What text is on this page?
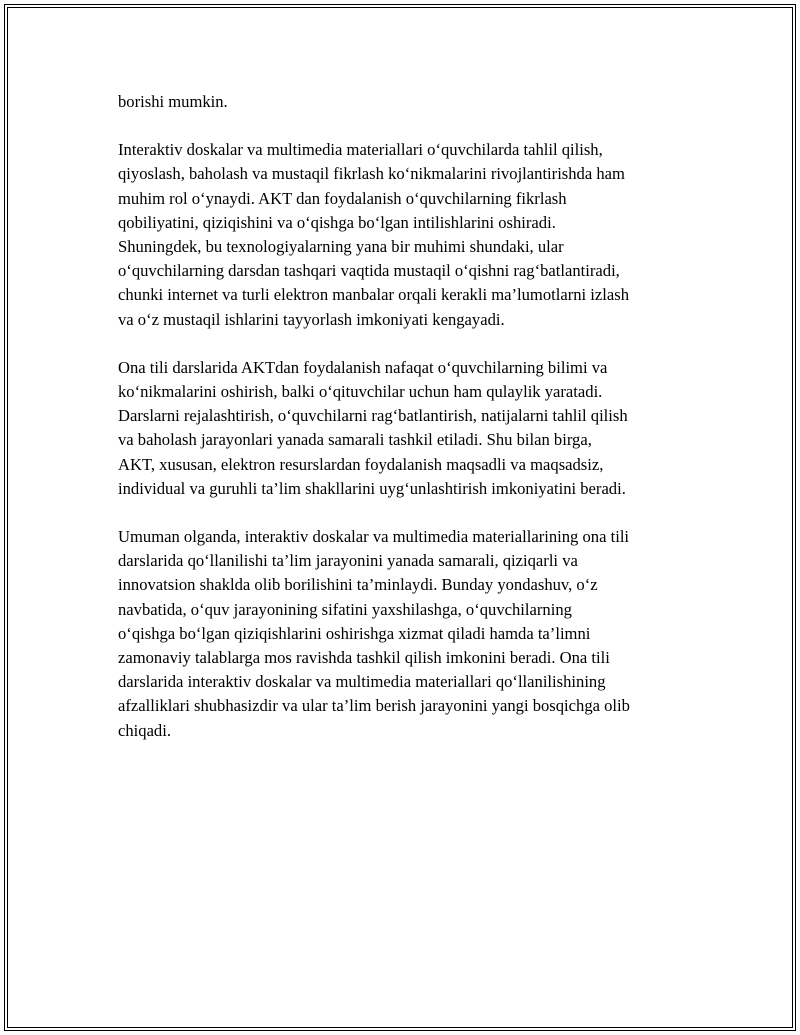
borishi mumkin.

Interaktiv doskalar va multimedia materiallari o‘quvchilarda tahlil qilish,
qiyoslash, baholash va mustaqil fikrlash ko‘nikmalarini rivojlantirishda ham
muhim rol o‘ynaydi. AKT dan foydalanish o‘quvchilarning fikrlash
qobiliyatini, qiziqishini va o‘qishga bo‘lgan intilishlarini oshiradi.
Shuningdek, bu texnologiyalarning yana bir muhimi shundaki, ular
o‘quvchilarning darsdan tashqari vaqtida mustaqil o‘qishni rag‘batlantiradi,
chunki internet va turli elektron manbalar orqali kerakli ma’lumotlarni izlash
va o‘z mustaqil ishlarini tayyorlash imkoniyati kengayadi.

Ona tili darslarida AKTdan foydalanish nafaqat o‘quvchilarning bilimi va
ko‘nikmalarini oshirish, balki o‘qituvchilar uchun ham qulaylik yaratadi.
Darslarni rejalashtirish, o‘quvchilarni rag‘batlantirish, natijalarni tahlil qilish
va baholash jarayonlari yanada samarali tashkil etiladi. Shu bilan birga,
AKT, xususan, elektron resurslardan foydalanish maqsadli va maqsadsiz,
individual va guruhli ta’lim shakllarini uyg‘unlashtirish imkoniyatini beradi.

Umuman olganda, interaktiv doskalar va multimedia materiallarining ona tili
darslarida qo‘llanilishi ta’lim jarayonini yanada samarali, qiziqarli va
innovatsion shaklda olib borilishini ta’minlaydi. Bunday yondashuv, o‘z
navbatida, o‘quv jarayonining sifatini yaxshilashga, o‘quvchilarning
o‘qishga bo‘lgan qiziqishlarini oshirishga xizmat qiladi hamda ta’limni
zamonaviy talablarga mos ravishda tashkil qilish imkonini beradi. Ona tili
darslarida interaktiv doskalar va multimedia materiallari qo‘llanilishining
afzalliklari shubhasizdir va ular ta’lim berish jarayonini yangi bosqichga olib
chiqadi.
